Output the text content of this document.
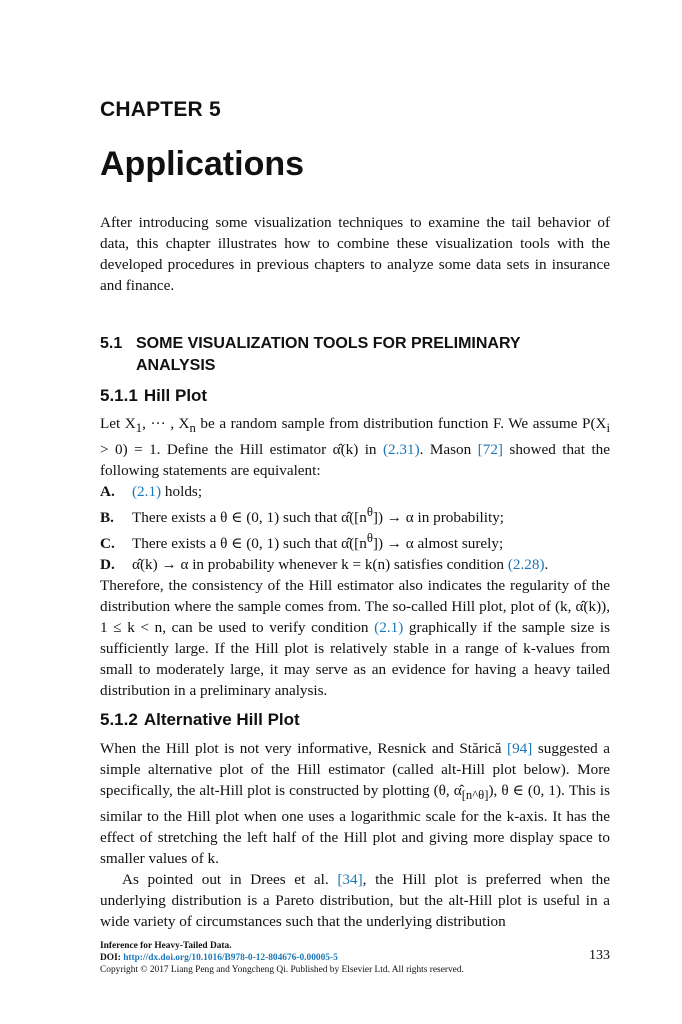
CHAPTER 5
Applications
After introducing some visualization techniques to examine the tail behavior of data, this chapter illustrates how to combine these visualization tools with the developed procedures in previous chapters to analyze some data sets in insurance and finance.
5.1 SOME VISUALIZATION TOOLS FOR PRELIMINARY
ANALYSIS
5.1.1 Hill Plot
Let $X_1$, ··· , $X_n$ be a random sample from distribution function F. We assume $P(X_i > 0) = 1$. Define the Hill estimator α̂(k) in (2.31). Mason [72] showed that the following statements are equivalent:
A. (2.1) holds;
B. There exists a θ ∈ (0, 1) such that $\alphâ([n^\theta]) \to \alpha$ in probability;
C. There exists a θ ∈ (0, 1) such that $\alphâ([n^\theta]) \to \alpha$ almost surely;
D. α̂(k) → α in probability whenever k = k(n) satisfies condition (2.28).
Therefore, the consistency of the Hill estimator also indicates the regularity of the distribution where the sample comes from. The so-called Hill plot, plot of (k, α̂(k)), 1 ≤ k < n, can be used to verify condition (2.1) graphically if the sample size is sufficiently large. If the Hill plot is relatively stable in a range of k-values from small to moderately large, it may serve as an evidence for having a heavy tailed distribution in a preliminary analysis.
5.1.2 Alternative Hill Plot
When the Hill plot is not very informative, Resnick and Stărică [94] suggested a simple alternative plot of the Hill estimator (called alt-Hill plot below). More specifically, the alt-Hill plot is constructed by plotting (θ, $\alphâ_{[n\^{}\theta]}$), θ ∈ (0, 1). This is similar to the Hill plot when one uses a logarithmic scale for the k-axis. It has the effect of stretching the left half of the Hill plot and giving more display space to smaller values of k.
As pointed out in Drees et al. [34], the Hill plot is preferred when the underlying distribution is a Pareto distribution, but the alt-Hill plot is useful in a wide variety of circumstances such that the underlying distribution
Inference for Heavy-Tailed Data.
DOI: http://dx.doi.org/10.1016/B978-0-12-804676-0.00005-5
Copyright © 2017 Liang Peng and Yongcheng Qi. Published by Elsevier Ltd. All rights reserved.
133
